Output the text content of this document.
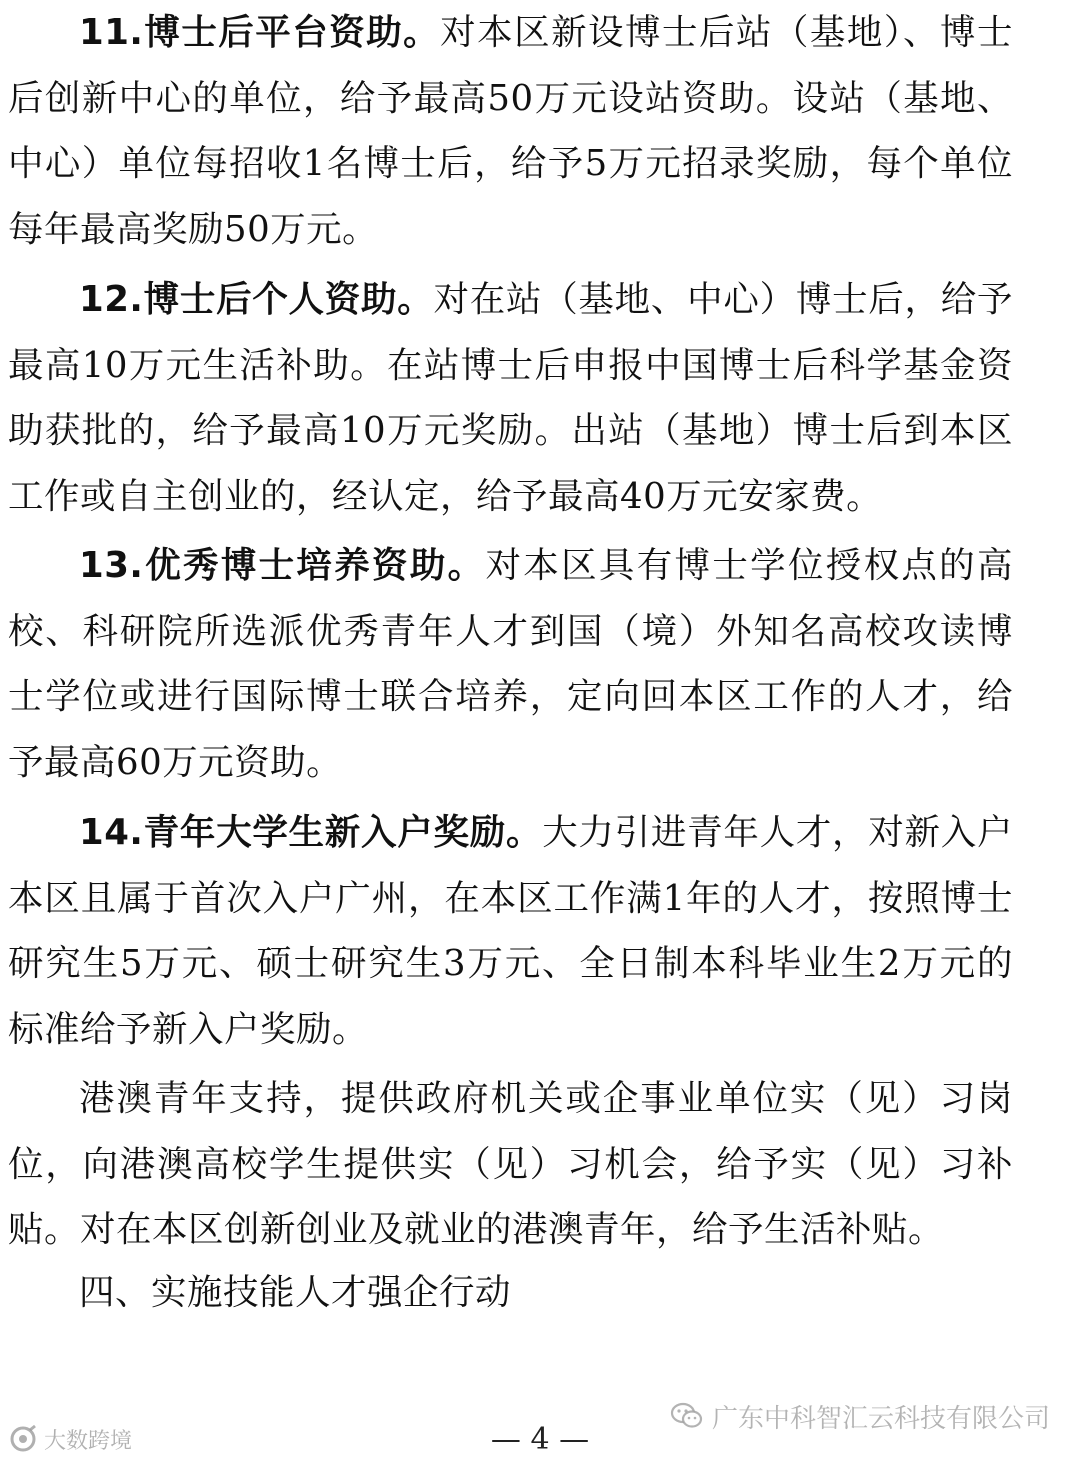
11.博士后平台资助。对本区新设博士后站（基地）、博士后创新中心的单位，给予最高50万元设站资助。设站（基地、中心）单位每招收1名博士后，给予5万元招录奖励，每个单位每年最高奖励50万元。

12.博士后个人资助。对在站（基地、中心）博士后，给予最高10万元生活补助。在站博士后申报中国博士后科学基金资助获批的，给予最高10万元奖励。出站（基地）博士后到本区工作或自主创业的，经认定，给予最高40万元安家费。

13.优秀博士培养资助。对本区具有博士学位授权点的高校、科研院所选派优秀青年人才到国（境）外知名高校攻读博士学位或进行国际博士联合培养，定向回本区工作的人才，给予最高60万元资助。

14.青年大学生新入户奖励。大力引进青年人才，对新入户本区且属于首次入户广州，在本区工作满1年的人才，按照博士研究生5万元、硕士研究生3万元、全日制本科毕业生2万元的标准给予新入户奖励。

港澳青年支持，提供政府机关或企事业单位实（见）习岗位，向港澳高校学生提供实（见）习机会，给予实（见）习补贴。对在本区创新创业及就业的港澳青年，给予生活补贴。

四、实施技能人才强企行动
大数跨境
广东中科智汇云科技有限公司
— 4 —
